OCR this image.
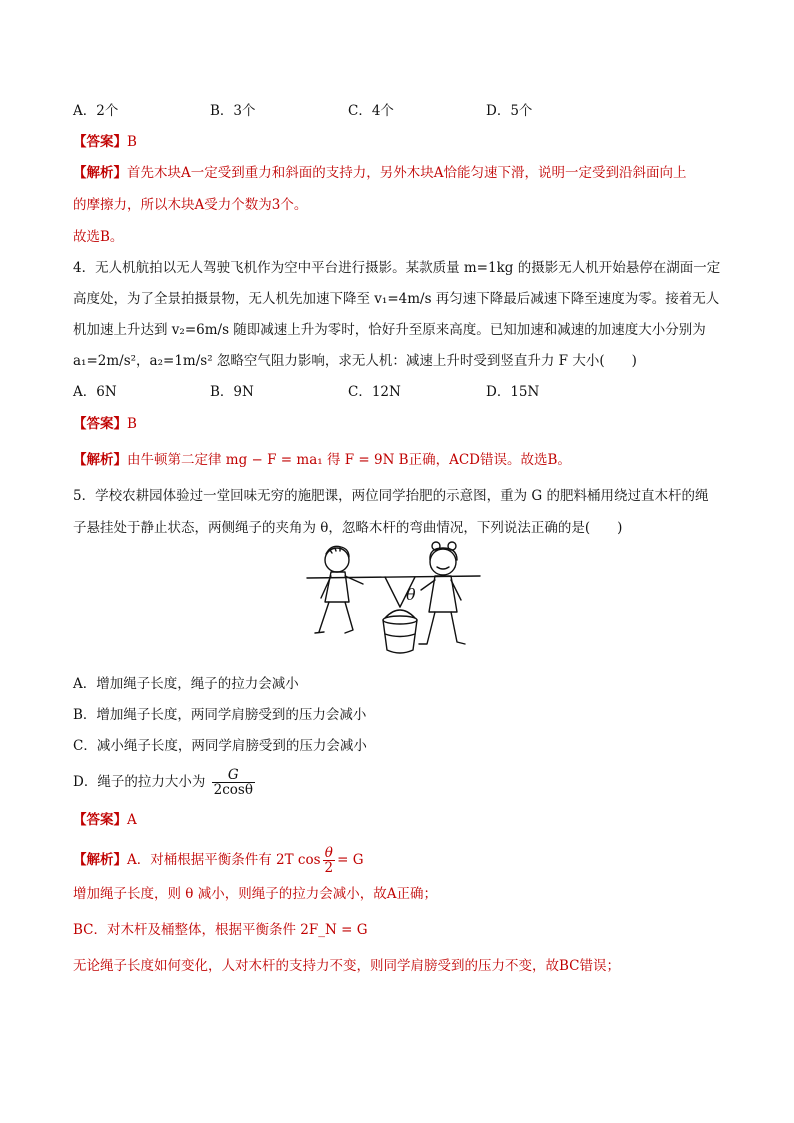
A．2个	B．3个	C．4个	D．5个
【答案】B
【解析】首先木块A一定受到重力和斜面的支持力，另外木块A恰能匀速下滑，说明一定受到沿斜面向上
的摩擦力，所以木块A受力个数为3个。
故选B。
4．无人机航拍以无人驾驶飞机作为空中平台进行摄影。某款质量 m=1kg 的摄影无人机开始悬停在湖面一定
高度处，为了全景拍摄景物，无人机先加速下降至 v₁=4m/s 再匀速下降最后减速下降至速度为零。接着无人
机加速上升达到 v₂=6m/s 随即减速上升为零时，恰好升至原来高度。已知加速和减速的加速度大小分别为
a₁=2m/s²，a₂=1m/s² 忽略空气阻力影响，求无人机：减速上升时受到竖直升力 F 大小(　　)
A．6N	B．9N	C．12N	D．15N
【答案】B
【解析】由牛顿第二定律 mg − F = ma₁ 得 F = 9N B正确，ACD错误。故选B。
5．学校农耕园体验过一堂回味无穷的施肥课，两位同学抬肥的示意图，重为 G 的肥料桶用绕过直木杆的绳
子悬挂处于静止状态，两侧绳子的夹角为 θ，忽略木杆的弯曲情况，下列说法正确的是(　　)
θ
A．增加绳子长度，绳子的拉力会减小
B．增加绳子长度，两同学肩膀受到的压力会减小
C．减小绳子长度，两同学肩膀受到的压力会减小
D．绳子的拉力大小为 $\frac{G}{2\cos\theta}$
【答案】A
【解析】A．对桶根据平衡条件有 2T $\cos \frac{\theta}{2} = G$
增加绳子长度，则 θ 减小，则绳子的拉力会减小，故A正确；
BC．对木杆及桶整体，根据平衡条件 2F_N = G
无论绳子长度如何变化，人对木杆的支持力不变，则同学肩膀受到的压力不变，故BC错误；
